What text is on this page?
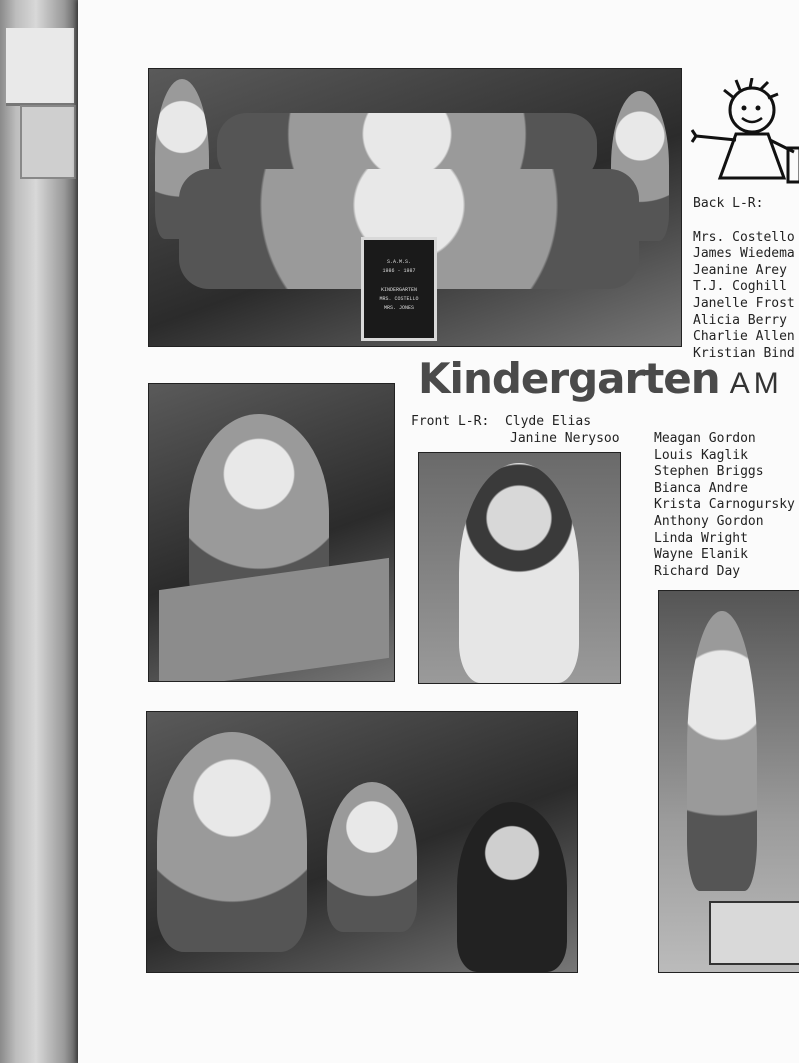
S.A.M.S.
1986 - 1987
KINDERGARTEN
MRS. COSTELLO
MRS. JONES
Back L-R:
Mrs. Costello
James Wiedema
Jeanine Arey
T.J. Coghill
Janelle Frost
Alicia Berry
Charlie Allen
Kristian Bind
Kindergarten AM
Front L-R: Clyde Elias
Janine Nerysoo	Meagan Gordon
Louis Kaglik
Stephen Briggs
Bianca Andre
Krista Carnogursky
Anthony Gordon
Linda Wright
Wayne Elanik
Richard Day
